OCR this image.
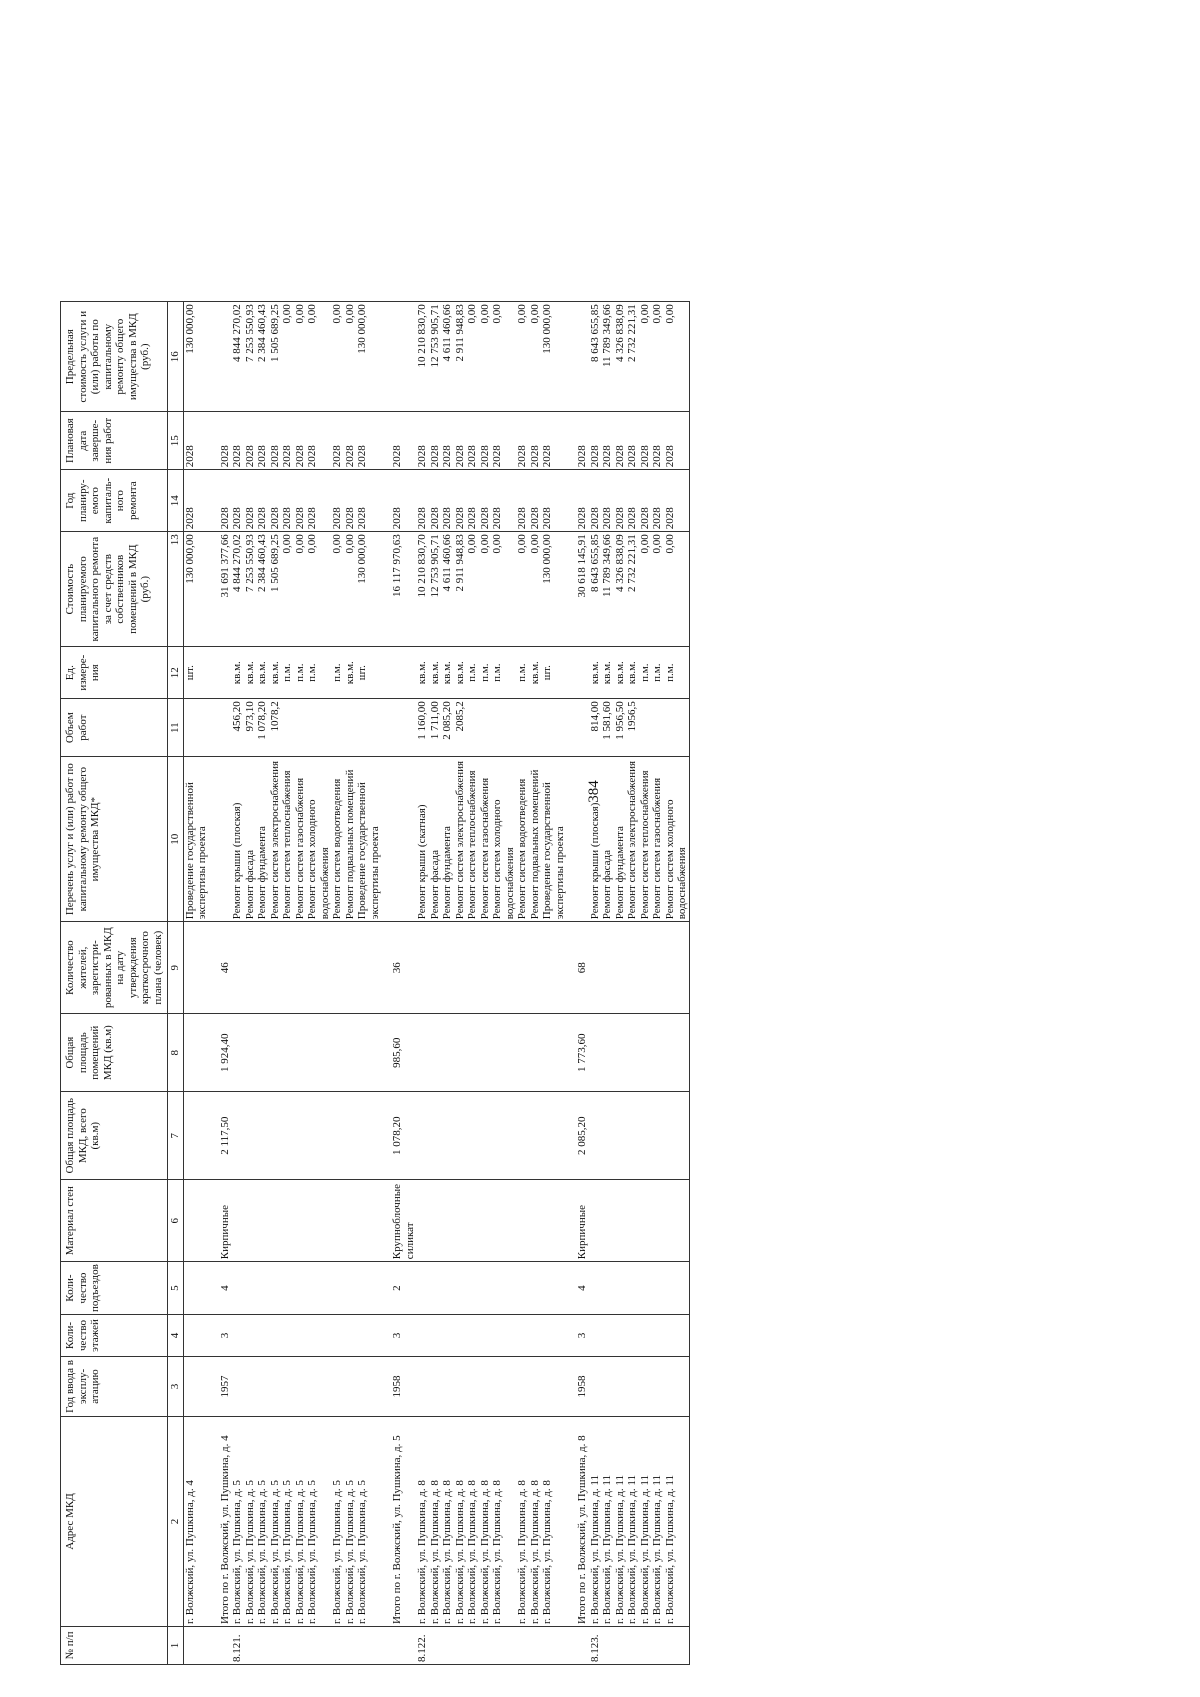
384
№ п/п	Адрес МКД	Год ввода в эксплу-атацию	Коли-чество этажей	Коли-чество подъездов	Материал стен	Общая площадь МКД, всего (кв.м)	Общая площадь помещений МКД (кв.м)	Количество жителей, зарегистри-рованных в МКД на дату утверждения краткосрочного плана (человек)	Перечень услуг и (или) работ по капитальному ремонту общего имущества МКД*	Объем работ	Ед. измере-ния	Стоимость планируемого капитального ремонта за счет средств собственников помещений в МКД (руб.)	Год планиру-емого капиталь-ного ремонта	Плановая дата заверше-ния работ	Предельная стоимость услуги и (или) работы по капитальному ремонту общего имущества в МКД (руб.)
1	2	3	4	5	6	7	8	9	10	11	12	13	14	15	16
	г. Волжский, ул. Пушкина, д. 4								Проведение государственной экспертизы проекта		шт.	130 000,00	2028	2028	130 000,00

	Итого по г. Волжский, ул. Пушкина, д. 4	1957	3	4	Кирпичные	2 117,50	1 924,40	46				31 691 377,66	2028	2028	
8.121.	г. Волжский, ул. Пушкина, д. 5								Ремонт крыши (плоская)	456,20	кв.м.	4 844 270,02	2028	2028	4 844 270,02
	г. Волжский, ул. Пушкина, д. 5								Ремонт фасада	973,10	кв.м.	7 253 550,93	2028	2028	7 253 550,93
	г. Волжский, ул. Пушкина, д. 5								Ремонт фундамента	1 078,20	кв.м.	2 384 460,43	2028	2028	2 384 460,43
	г. Волжский, ул. Пушкина, д. 5								Ремонт систем электроснабжения	1078,2	кв.м.	1 505 689,25	2028	2028	1 505 689,25
	г. Волжский, ул. Пушкина, д. 5								Ремонт систем теплоснабжения		п.м.	0,00	2028	2028	0,00
	г. Волжский, ул. Пушкина, д. 5								Ремонт систем газоснабжения		п.м.	0,00	2028	2028	0,00
	г. Волжский, ул. Пушкина, д. 5								Ремонт систем холодного водоснабжения		п.м.	0,00	2028	2028	0,00
	г. Волжский, ул. Пушкина, д. 5								Ремонт систем водоотведения		п.м.	0,00	2028	2028	0,00
	г. Волжский, ул. Пушкина, д. 5								Ремонт подвальных помещений		кв.м.	0,00	2028	2028	0,00
	г. Волжский, ул. Пушкина, д. 5								Проведение государственной экспертизы проекта		шт.	130 000,00	2028	2028	130 000,00

	Итого по г. Волжский, ул. Пушкина, д. 5	1958	3	2	Крупноблочные силикат	1 078,20	985,60	36				16 117 970,63	2028	2028	
8.122.	г. Волжский, ул. Пушкина, д. 8								Ремонт крыши (скатная)	1 160,00	кв.м.	10 210 830,70	2028	2028	10 210 830,70
	г. Волжский, ул. Пушкина, д. 8								Ремонт фасада	1 711,00	кв.м.	12 753 905,71	2028	2028	12 753 905,71
	г. Волжский, ул. Пушкина, д. 8								Ремонт фундамента	2 085,20	кв.м.	4 611 460,66	2028	2028	4 611 460,66
	г. Волжский, ул. Пушкина, д. 8								Ремонт систем электроснабжения	2085,2	кв.м.	2 911 948,83	2028	2028	2 911 948,83
	г. Волжский, ул. Пушкина, д. 8								Ремонт систем теплоснабжения		п.м.	0,00	2028	2028	0,00
	г. Волжский, ул. Пушкина, д. 8								Ремонт систем газоснабжения		п.м.	0,00	2028	2028	0,00
	г. Волжский, ул. Пушкина, д. 8								Ремонт систем холодного водоснабжения		п.м.	0,00	2028	2028	0,00
	г. Волжский, ул. Пушкина, д. 8								Ремонт систем водоотведения		п.м.	0,00	2028	2028	0,00
	г. Волжский, ул. Пушкина, д. 8								Ремонт подвальных помещений		кв.м.	0,00	2028	2028	0,00
	г. Волжский, ул. Пушкина, д. 8								Проведение государственной экспертизы проекта		шт.	130 000,00	2028	2028	130 000,00

	Итого по г. Волжский, ул. Пушкина, д. 8	1958	3	4	Кирпичные	2 085,20	1 773,60	68				30 618 145,91	2028	2028	
8.123.	г. Волжский, ул. Пушкина, д. 11								Ремонт крыши (плоская)	814,00	кв.м.	8 643 655,85	2028	2028	8 643 655,85
	г. Волжский, ул. Пушкина, д. 11								Ремонт фасада	1 581,60	кв.м.	11 789 349,66	2028	2028	11 789 349,66
	г. Волжский, ул. Пушкина, д. 11								Ремонт фундамента	1 956,50	кв.м.	4 326 838,09	2028	2028	4 326 838,09
	г. Волжский, ул. Пушкина, д. 11								Ремонт систем электроснабжения	1956,5	кв.м.	2 732 221,31	2028	2028	2 732 221,31
	г. Волжский, ул. Пушкина, д. 11								Ремонт систем теплоснабжения		п.м.	0,00	2028	2028	0,00
	г. Волжский, ул. Пушкина, д. 11								Ремонт систем газоснабжения		п.м.	0,00	2028	2028	0,00
	г. Волжский, ул. Пушкина, д. 11								Ремонт систем холодного водоснабжения		п.м.	0,00	2028	2028	0,00
